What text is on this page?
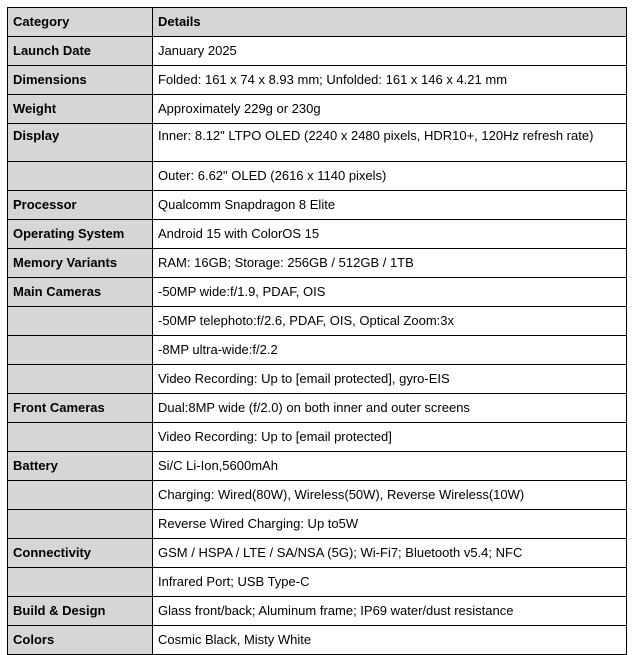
Category	Details
Launch Date	January 2025
Dimensions	Folded: 161 x 74 x 8.93 mm; Unfolded: 161 x 146 x 4.21 mm
Weight	Approximately 229g or 230g

Display	Inner: 8.12" LTPO OLED (2240 x 2480 pixels, HDR10+, 120Hz refresh rate)

	Outer: 6.62" OLED (2616 x 1140 pixels)
Processor	Qualcomm Snapdragon 8 Elite
Operating System	Android 15 with ColorOS 15
Memory Variants	RAM: 16GB; Storage: 256GB / 512GB / 1TB
Main Cameras	-50MP wide:f/1.9, PDAF, OIS
	-50MP telephoto:f/2.6, PDAF, OIS, Optical Zoom:3x
	-8MP ultra-wide:f/2.2
	Video Recording: Up to [email protected], gyro-EIS
Front Cameras	Dual:8MP wide (f/2.0) on both inner and outer screens
	Video Recording: Up to [email protected]
Battery	Si/C Li-Ion,5600mAh
	Charging: Wired(80W), Wireless(50W), Reverse Wireless(10W)
	Reverse Wired Charging: Up to5W
Connectivity	GSM / HSPA / LTE / SA/NSA (5G); Wi-Fi7; Bluetooth v5.4; NFC
	Infrared Port; USB Type-C
Build & Design	Glass front/back; Aluminum frame; IP69 water/dust resistance
Colors	Cosmic Black, Misty White
